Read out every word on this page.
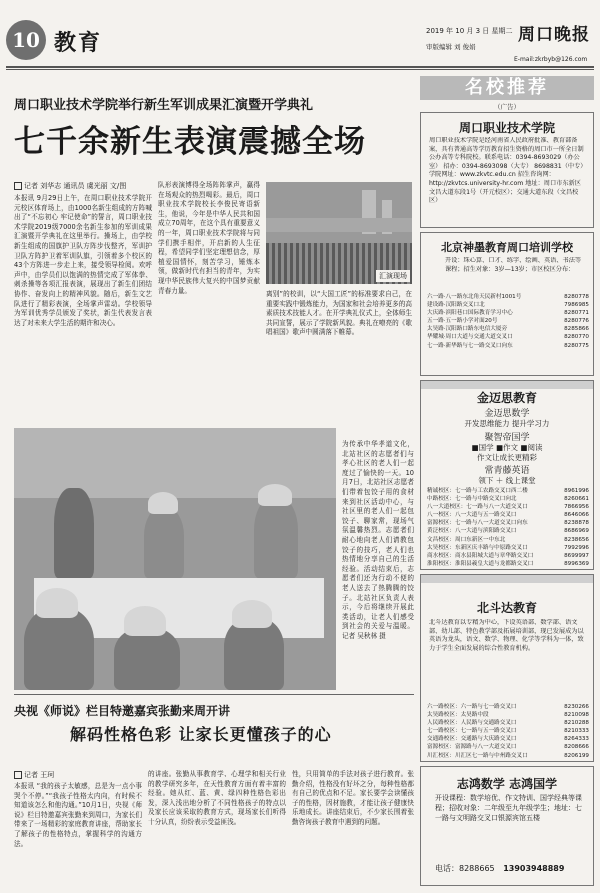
10 教育	2019 年 10 月 3 日 星期二 周口晚报
审版编辑 刘 俊娟
E-mail:zkrbyb@126.com
周口职业技术学院举行新生军训成果汇演暨开学典礼
七千余新生表演震撼全场
记者 刘华志 通讯员 虞光丽 文/图
本报讯 9月29日上午，在周口职业技术学院开元校区体育场上，由1000名新生组成的方阵喊出了“不忘初心 牢记使命”的誓言，周口职业技术学院2019级7000余名新生参加的军训成果汇演暨开学典礼在这里举行。操场上，由学校新生组成的国旗护卫队方阵步伐整齐，军训护卫队方阵护卫着军训队旗，引领着多个校区的43个方阵进一步走上来，接受领导检阅。欢呼声中，由学员们以饱满的热情完成了军体拳、刺杀操等各项汇报表演，展现出了新生们团结协作、奋发向上的精神风貌。随后，新生文艺队进行了精彩表演，全场掌声雷动。学校领导为军训优秀学员颁发了奖状，新生代表发言表达了对未来大学生活的期许和决心。
队形表演博得全场阵阵掌声，赢得在场观众的热烈喝彩。最后，周口职业技术学院校长李俊民寄语新生，他说，今年是中华人民共和国成立70周年，在这个具有重要意义的一年，周口职业技术学院将与同学们携手相伴，开启新的人生征程，希望同学们坚定理想信念，厚植爱国情怀，刻苦学习，锤炼本领，做新时代有担当的青年，为实现中华民族伟大复兴的中国梦贡献青春力量。
汇演现场
离别”的校训，以“大国工匠”的标准要求自己，在重要实践中锻炼能力，为国家和社会培养更多的高素质技术技能人才。在开学典礼仪式上，全体师生共同宣誓，展示了学院新风貌。典礼在嘹亮的《歌唱祖国》歌声中圆满落下帷幕。
为传承中华孝道文化，北站社区的志愿者们与孝心社区的老人们一起度过了愉快的一天。10月7日，北站社区志愿者们带着包饺子用的食材来到社区活动中心，与社区里的老人们一起包饺子、聊家常，现场气氛温馨热烈。志愿者们耐心地向老人们请教包饺子的技巧，老人们也热情地分享自己的生活经验。活动结束后，志愿者们还为行动不便的老人送去了热腾腾的饺子。北站社区负责人表示，今后将继续开展此类活动，让老人们感受到社会的关爱与温暖。记者 吴秋林 摄
央视《师说》栏目特邀嘉宾张勤来周开讲
解码性格色彩 让家长更懂孩子的心
记者 王珂
本报讯 “我的孩子太敏感，总是为一点小事哭个不停。”“我孩子性格太内向，有时候不知道该怎么和他沟通。”10月1日，央视《师说》栏目特邀嘉宾张勤来到周口，为家长们带来了一场精彩的家庭教育讲座，帮助家长了解孩子的性格特点，掌握科学的沟通方法。
的讲座。张勤从事教育学、心理学和相关行业的教学研究多年，在天性教育方面有着丰富的经验。她从红、蓝、黄、绿四种性格色彩出发，深入浅出地分析了不同性格孩子的特点以及家长应该采取的教育方式，现场家长们听得十分认真，纷纷表示受益匪浅。
性，只用简单的手法对孩子进行教育。张勤介绍，性格没有好坏之分，每种性格都有自己的优点和不足。家长要学会读懂孩子的性格，因材施教，才能让孩子健康快乐地成长。讲座结束后，不少家长围着张勤咨询孩子教育中遇到的问题。
名校推荐
（广告）
周口职业技术学院
周口职业技术学院是经河南省人民政府批准、教育部备案，具有普通高等学历教育招生资格的周口市一所全日制公办高等专科院校。联系电话：0394-8693029（办公室） 招办：0394-8693098（大专） 8698831（中专） 学院网址：www.zkvtc.edu.cn 招生咨询网：http://zkvtcs.university-hr.com 地址：周口市东新区文昌大道东段1号（开元校区）；交通大道东段（文昌校区）
北京神墨教育周口培训学校
开设：珠心算、口才、练字、绘画、英语、书法等课程；招生对象：3岁—13岁；市区校区分布：
六一路·八一路东北角天民新村1001号	8280778
建设路·汉阳路交叉口北	7986985
大庆路·滨阳巷口国际教育学习中心	8280771
五一路·五一路小学对面20号	8280776
太昊路·汉阳路口路东电信大厦旁	8285866
华耀城·周口大道与交通大道交叉口	8280770
七一路·新华路与七一路交叉口向东	8280775
金迈思教育
金迈思数学
开发思维能力 提升学习力
聚智帝国学
■国学 ■作文 ■阅读
作文让成长更精彩
常青藤英语
领下 ＋ 线上课堂
精诚校区：七一路与工农路交叉口西二楼	8961996
中路校区：七一路与中路交叉口向北	8260661
八一大道校区：七一路与八一大道交叉口	7866956
八一校区：八一大道与五一路交叉口	8646066
富源校区：七一路与八一大道交叉口向东	8238878
黄泛校区：八一大道与滨阳路交叉口	8686969
文昌校区：周口东新区一中东北	8238656
太昊校区：东新区庆丰路与中原路交叉口	7992996
商水校区：商水县阳城大道与章华路交叉口	8699997
淮阳校区：淮阳县羲皇大道与龙都路交叉口	8996369
北斗达教育
北斗达教育以专精为中心，下设英语部、数学部、语文部、幼儿部、特色教学部及拓展培训部，现已发展成为以英语为龙头，语文、数学、物理、化学等学科为一体，致力于学生全面发展的综合性教育机构。
六一路校区：六一路与七一路交叉口	8230266
太昊路校区：太昊路中段	8210098
人民路校区：人民路与交通路交叉口	8210288
七一路校区：七一路与五一路交叉口	8210333
交通路校区：交通路与大庆路交叉口	8264333
富源校区：富源路与八一大道交叉口	8208666
川汇校区：川汇区七一路与中州路交叉口	8206199
志鸿数学 志鸿国学
开设课程：数学培优、作文特训、国学经典等课程；招收对象：二年级至九年级学生；地址：七一路与文明路交叉口银源宾馆五楼
电话：8288665 13903948889
